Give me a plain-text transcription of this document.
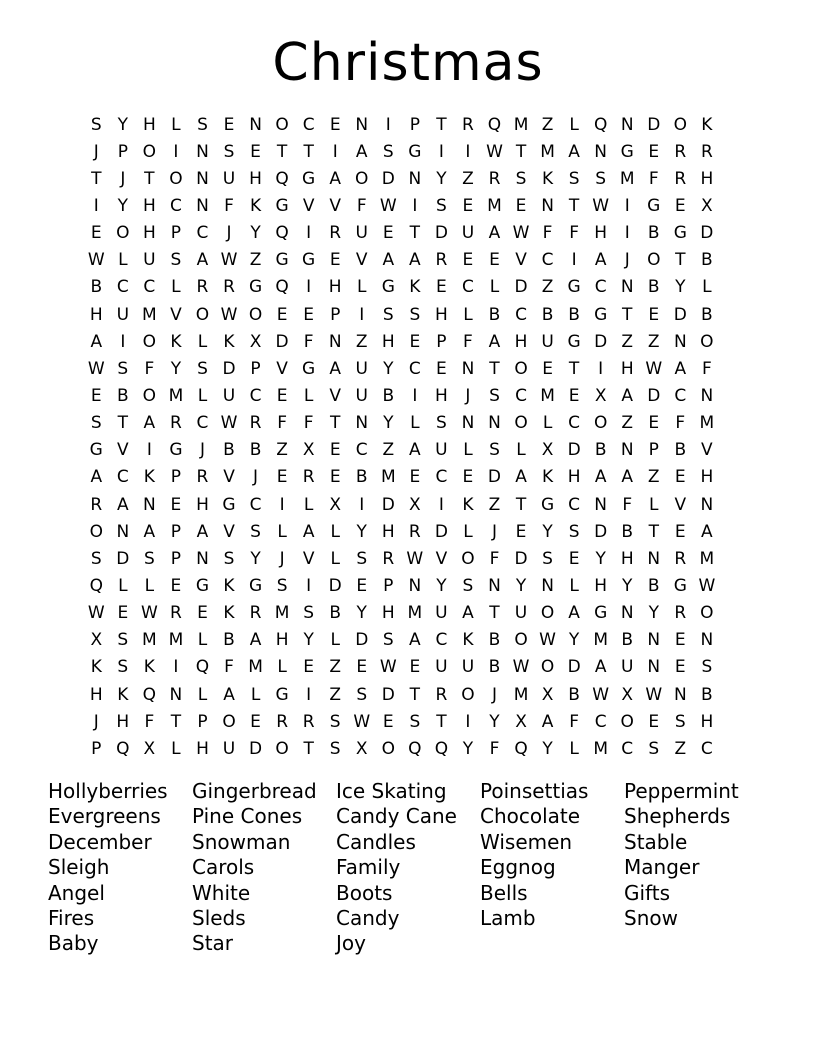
Christmas
S Y H L S E N O C E N	I	P T R Q M Z L Q N D O K
J	P O	I	N S E T T	I	A S G	I	I W T M A N G E R R
T	J	T O N U H Q G A O D N Y Z R S K S S M F R H
I	Y H C N F K G V V F W I	S E M E N T W I	G E X
E O H P C	J	Y Q	I	R U E T D U A W F F H	I	B G D
W L U S A W Z G G E V A A R E E V C	I	A	J	O T B
B C C L R R G Q	I	H L G K E C L D Z G C N B Y L
H U M V O W O E E P	I	S S H L B C B B G T E D B
A	I	O K L K X D F N Z H E P F A H U G D Z Z N O
W S F Y S D P V G A U Y C E N T O E T	I	H W A F
E B O M L U C E L V U B	I	H	J	S C M E X A D C N
S T A R C W R F F T N Y L S N N O L C O Z E F M
G V	I	G	J	B B Z X E C Z A U L S L X D B N P B V
A C K P R V	J	E R E B M E C E D A K H A A Z E H
R A N E H G C	I	L X	I	D X	I	K Z T G C N F L V N
O N A P A V S L A L Y H R D L	J	E Y S D B T E A
S D S P N S Y	J	V L S R W V O F D S E Y H N R M
Q L	L E G K G S	I	D E P N Y S N Y N L H Y B G W
W E W R E K R M S B Y H M U A T U O A G N Y R O
X S M M L B A H Y L D S A C K B O W Y M B N E N
K S K	I	Q F M L E Z E W E U U B W O D A U N E S
H K Q N L A L G	I	Z S D T R O	J M X B W X W N B
J	H F T P O E R R S W E S T	I	Y X A F C O E S H
P Q X L H U D O T S X O Q Q Y F Q Y L M C S Z C
Hollyberries
Evergreens
December
Sleigh
Angel
Fires
Baby
Gingerbread
Pine Cones
Snowman
Carols
White
Sleds
Star
Ice Skating
Candy Cane
Candles
Family
Boots
Candy
Joy
Poinsettias
Chocolate
Wisemen
Eggnog
Bells
Lamb
Peppermint
Shepherds
Stable
Manger
Gifts
Snow
